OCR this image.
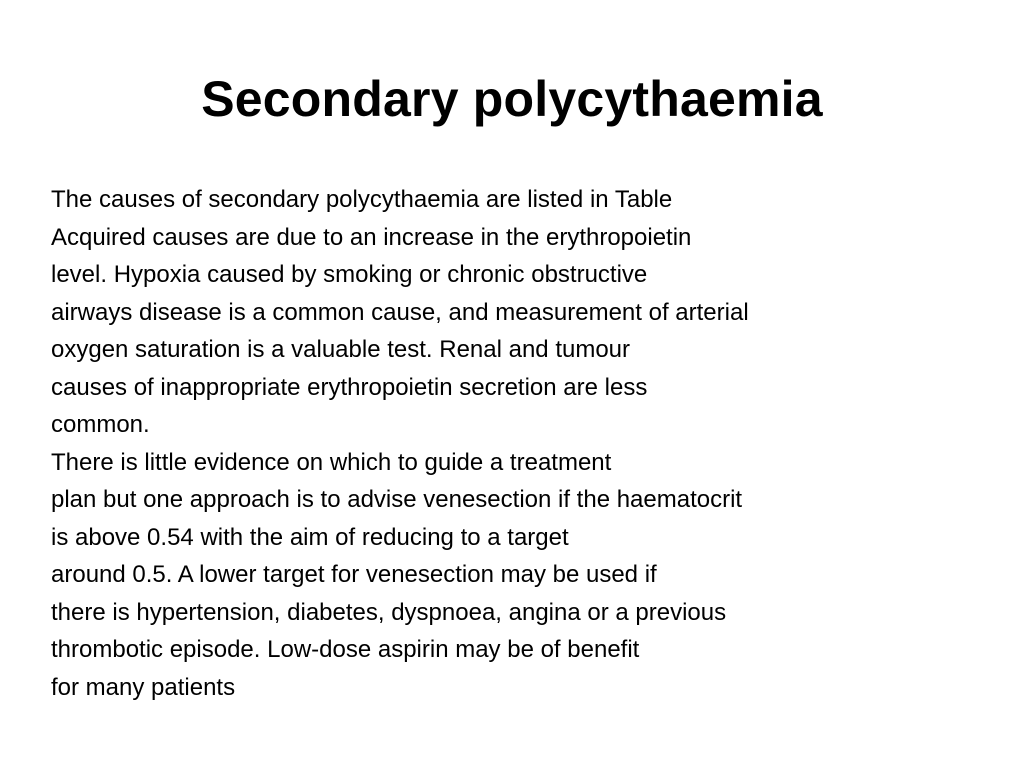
Secondary polycythaemia
The causes of secondary polycythaemia are listed in Table
Acquired causes are due to an increase in the erythropoietin
level. Hypoxia caused by smoking or chronic obstructive
airways disease is a common cause, and measurement of arterial
oxygen saturation is a valuable test. Renal and tumour
causes of inappropriate erythropoietin secretion are less
common.
There is little evidence on which to guide a treatment
plan but one approach is to advise venesection if the haematocrit
is above 0.54 with the aim of reducing to a target
around 0.5. A lower target for venesection may be used if
there is hypertension, diabetes, dyspnoea, angina or a previous
thrombotic episode. Low-dose aspirin may be of benefit
for many patients
